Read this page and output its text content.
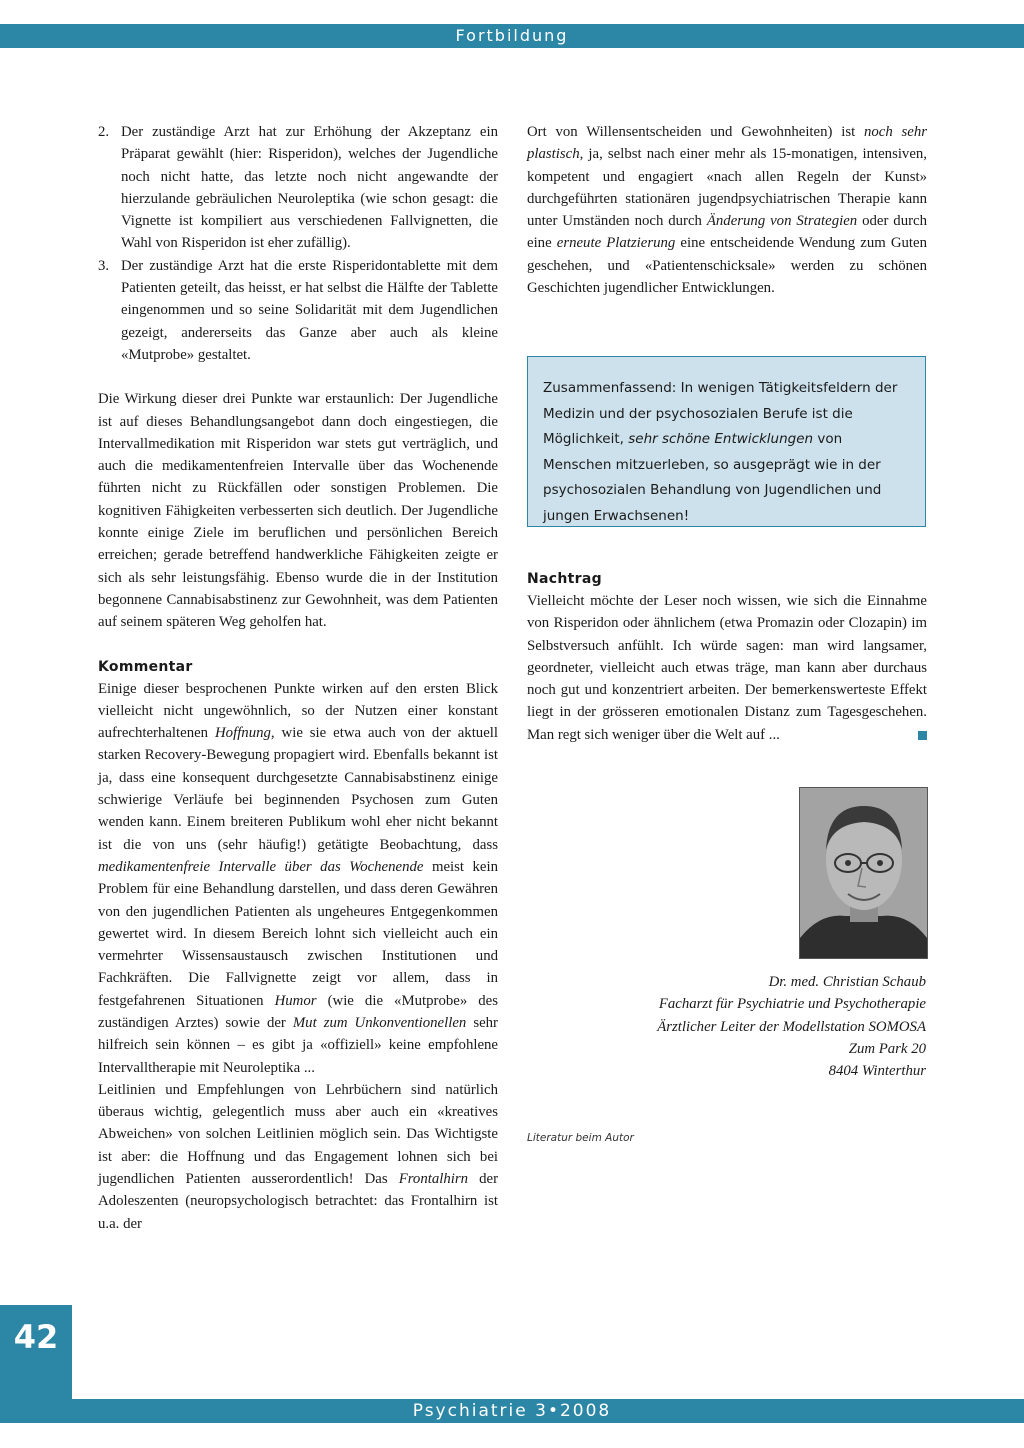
Fortbildung
2. Der zuständige Arzt hat zur Erhöhung der Akzeptanz ein Präparat gewählt (hier: Risperidon), welches der Jugendliche noch nicht hatte, das letzte noch nicht angewandte der hierzulande gebräulichen Neuroleptika (wie schon gesagt: die Vignette ist kompiliert aus verschiedenen Fallvignetten, die Wahl von Risperidon ist eher zufällig).
3. Der zuständige Arzt hat die erste Risperidontablette mit dem Patienten geteilt, das heisst, er hat selbst die Hälfte der Tablette eingenommen und so seine Solidarität mit dem Jugendlichen gezeigt, andererseits das Ganze aber auch als kleine «Mutprobe» gestaltet.

Die Wirkung dieser drei Punkte war erstaunlich: Der Jugendliche ist auf dieses Behandlungsangebot dann doch eingestiegen, die Intervallmedikation mit Risperidon war stets gut verträglich, und auch die medikamentenfreien Intervalle über das Wochenende führten nicht zu Rückfällen oder sonstigen Problemen. Die kognitiven Fähigkeiten verbesserten sich deutlich. Der Jugendliche konnte einige Ziele im beruflichen und persönlichen Bereich erreichen; gerade betreffend handwerkliche Fähigkeiten zeigte er sich als sehr leistungsfähig. Ebenso wurde die in der Institution begonnene Cannabisabstinenz zur Gewohnheit, was dem Patienten auf seinem späteren Weg geholfen hat.

Kommentar

Einige dieser besprochenen Punkte wirken auf den ersten Blick vielleicht nicht ungewöhnlich, so der Nutzen einer konstant aufrechterhaltenen Hoffnung, wie sie etwa auch von der aktuell starken Recovery-Bewegung propagiert wird. Ebenfalls bekannt ist ja, dass eine konsequent durchgesetzte Cannabisabstinenz einige schwierige Verläufe bei beginnenden Psychosen zum Guten wenden kann. Einem breiteren Publikum wohl eher nicht bekannt ist die von uns (sehr häufig!) getätigte Beobachtung, dass medikamentenfreie Intervalle über das Wochenende meist kein Problem für eine Behandlung darstellen, und dass deren Gewähren von den jugendlichen Patienten als ungeheures Entgegenkommen gewertet wird. In diesem Bereich lohnt sich vielleicht auch ein vermehrter Wissensaustausch zwischen Institutionen und Fachkräften. Die Fallvignette zeigt vor allem, dass in festgefahrenen Situationen Humor (wie die «Mutprobe» des zuständigen Arztes) sowie der Mut zum Unkonventionellen sehr hilfreich sein können – es gibt ja «offiziell» keine empfohlene Intervalltherapie mit Neuroleptika ...

Leitlinien und Empfehlungen von Lehrbüchern sind natürlich überaus wichtig, gelegentlich muss aber auch ein «kreatives Abweichen» von solchen Leitlinien möglich sein. Das Wichtigste ist aber: die Hoffnung und das Engagement lohnen sich bei jugendlichen Patienten ausserordentlich! Das Frontalhirn der Adoleszenten (neuropsychologisch betrachtet: das Frontalhirn ist u.a. der

Ort von Willensentscheiden und Gewohnheiten) ist noch sehr plastisch, ja, selbst nach einer mehr als 15-monatigen, intensiven, kompetent und engagiert «nach allen Regeln der Kunst» durchgeführten stationären jugendpsychiatrischen Therapie kann unter Umständen noch durch Änderung von Strategien oder durch eine erneute Platzierung eine entscheidende Wendung zum Guten geschehen, und «Patientenschicksale» werden zu schönen Geschichten jugendlicher Entwicklungen.

Zusammenfassend: In wenigen Tätigkeitsfeldern der Medizin und der psychosozialen Berufe ist die Möglichkeit, sehr schöne Entwicklungen von Menschen mitzuerleben, so ausgeprägt wie in der psychosozialen Behandlung von Jugendlichen und jungen Erwachsenen!
Nachtrag

Vielleicht möchte der Leser noch wissen, wie sich die Einnahme von Risperidon oder ähnlichem (etwa Promazin oder Clozapin) im Selbstversuch anfühlt. Ich würde sagen: man wird langsamer, geordneter, vielleicht auch etwas träge, man kann aber durchaus noch gut und konzentriert arbeiten. Der bemerkenswerteste Effekt liegt in der grösseren emotionalen Distanz zum Tagesgeschehen. Man regt sich weniger über die Welt auf ...

Dr. med. Christian Schaub
Facharzt für Psychiatrie und Psychotherapie
Ärztlicher Leiter der Modellstation SOMOSA
Zum Park 20
8404 Winterthur
Literatur beim Autor
42
Psychiatrie 3•2008
